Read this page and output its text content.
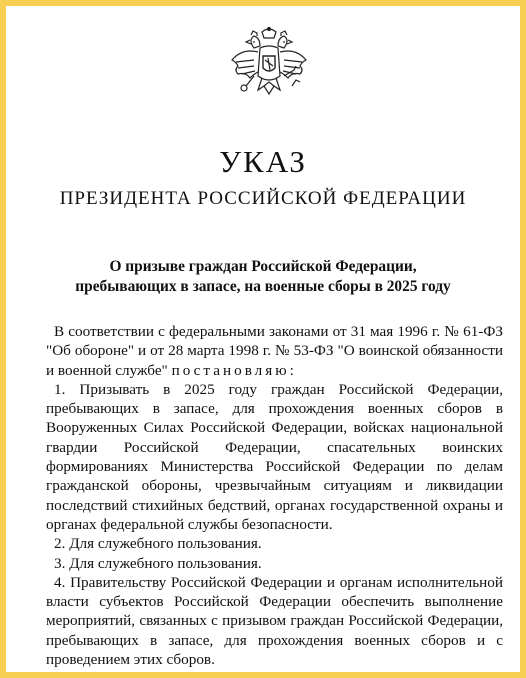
УКАЗ
ПРЕЗИДЕНТА РОССИЙСКОЙ ФЕДЕРАЦИИ
О призыве граждан Российской Федерации,
пребывающих в запасе, на военные сборы в 2025 году

В соответствии с федеральными законами от 31 мая 1996 г. № 61-ФЗ "Об обороне" и от 28 марта 1998 г. № 53-ФЗ "О воинской обязанности и военной службе" постановляю:

1. Призывать в 2025 году граждан Российской Федерации, пребывающих в запасе, для прохождения военных сборов в Вооруженных Силах Российской Федерации, войсках национальной гвардии Российской Федерации, спасательных воинских формированиях Министерства Российской Федерации по делам гражданской обороны, чрезвычайным ситуациям и ликвидации последствий стихийных бедствий, органах государственной охраны и органах федеральной службы безопасности.

2. Для служебного пользования.

3. Для служебного пользования.

4. Правительству Российской Федерации и органам исполнительной власти субъектов Российской Федерации обеспечить выполнение мероприятий, связанных с призывом граждан Российской Федерации, пребывающих в запасе, для прохождения военных сборов и с проведением этих сборов.
